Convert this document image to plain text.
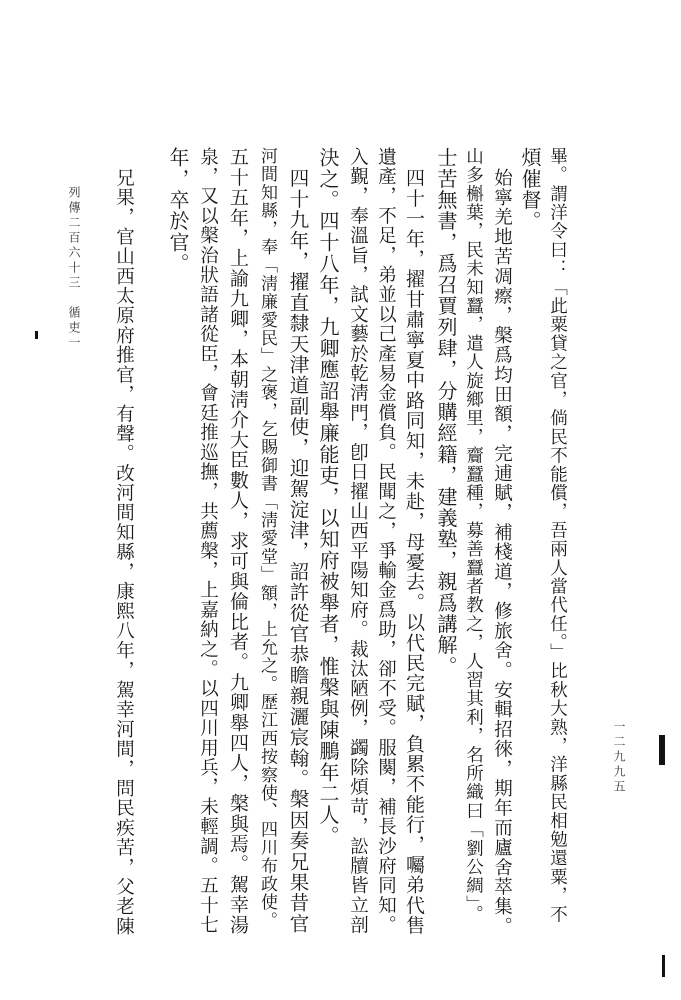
畢。謂洋令曰：「此粟貸之官，倘民不能償，吾兩人當代任。」比秋大熟，洋縣民相勉還粟，不
煩催督。
始寧羌地苦凋瘵，槃爲均田額，完逋賦，補棧道，修旅舍。安輯招徠，期年而廬舍萃集。
山多槲葉，民未知蠶，遣人旋鄉里，齎蠶種，募善蠶者教之，人習其利，名所織曰「劉公綢」。
士苦無書，爲召賈列肆，分購經籍，建義塾，親爲講解。
四十一年，擢甘肅寧夏中路同知，未赴，母憂去。以代民完賦，負累不能行，囑弟代售
遺產，不足，弟並以己產易金償負。民聞之，爭輸金爲助，卻不受。服闋，補長沙府同知。
入覲，奉溫旨，試文藝於乾淸門，卽日擢山西平陽知府。裁汰陋例，蠲除煩苛，訟牘皆立剖
決之。四十八年，九卿應詔舉廉能吏，以知府被舉者，惟槃與陳鵬年二人。
四十九年，擢直隸天津道副使，迎駕淀津，詔許從官恭瞻親灑宸翰。槃因奏兄果昔官
河間知縣，奉「淸廉愛民」之褒，乞賜御書「淸愛堂」額，上允之。歷江西按察使、四川布政使。
五十五年，上諭九卿，本朝淸介大臣數人，求可與倫比者。九卿舉四人，槃與焉。駕幸湯
泉，又以槃治狀語諸從臣，會廷推巡撫，共薦槃，上嘉納之。以四川用兵，未輕調。五十七
年，卒於官。
兄果，官山西太原府推官，有聲。改河間知縣，康熙八年，駕幸河間，問民疾苦，父老陳
列傳二百六十三　循吏一
一二九九五
